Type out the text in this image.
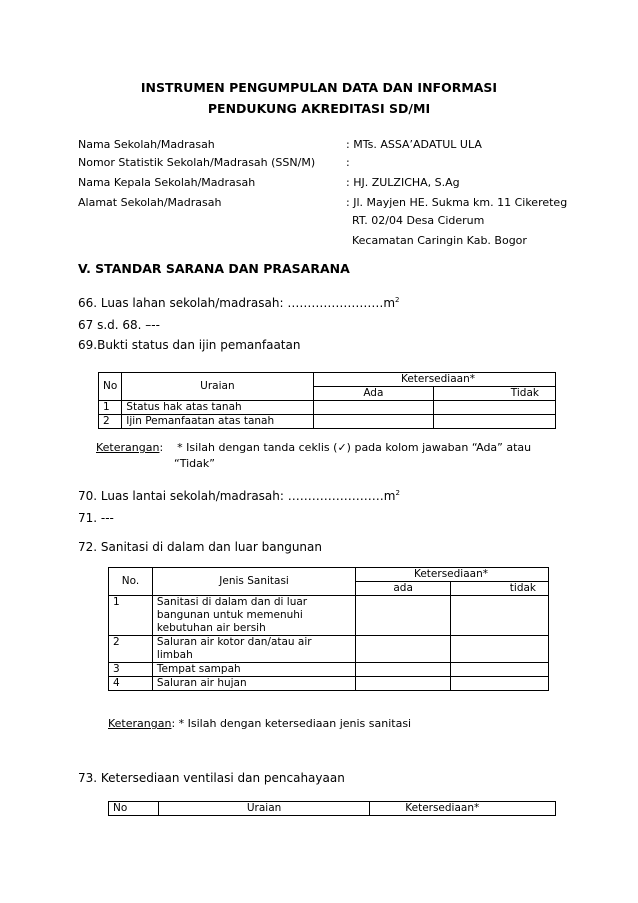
INSTRUMEN PENGUMPULAN DATA DAN INFORMASI
PENDUKUNG AKREDITASI SD/MI
Nama Sekolah/Madrasah	: MTs. ASSA’ADATUL ULA
Nomor Statistik Sekolah/Madrasah (SSN/M)	:
Nama Kepala Sekolah/Madrasah	: HJ. ZULZICHA, S.Ag
Alamat Sekolah/Madrasah	: Jl. Mayjen HE. Sukma km. 11 Cikereteg
RT. 02/04 Desa Ciderum
Kecamatan Caringin Kab. Bogor
V. STANDAR SARANA DAN PRASARANA
66. Luas lahan sekolah/madrasah: $\dots\dots\dots\dots\dots\dots\dots\dots m^2$
67 s.d. 68. –--
69.Bukti status dan ijin pemanfaatan
No	Uraian	Ketersediaan*	
		Ada	Tidak
1	Status hak atas tanah		
2	Ijin Pemanfaatan atas tanah		
Keterangan: * Isilah dengan tanda ceklis (✓) pada kolom jawaban “Ada” atau
“Tidak”
70. Luas lantai sekolah/madrasah: $\dots\dots\dots\dots\dots\dots\dots\dots m^2$
71. ---
72. Sanitasi di dalam dan luar bangunan
No.	Jenis Sanitasi	Ketersediaan*	
		ada	tidak
1	Sanitasi di dalam dan di luar
bangunan untuk memenuhi
kebutuhan air bersih		

2	Saluran air kotor dan/atau air
limbah		

3	Tempat sampah		
4	Saluran air hujan		
Keterangan: * Isilah dengan ketersediaan jenis sanitasi
73. Ketersediaan ventilasi dan pencahayaan
No	Uraian	Ketersediaan*
